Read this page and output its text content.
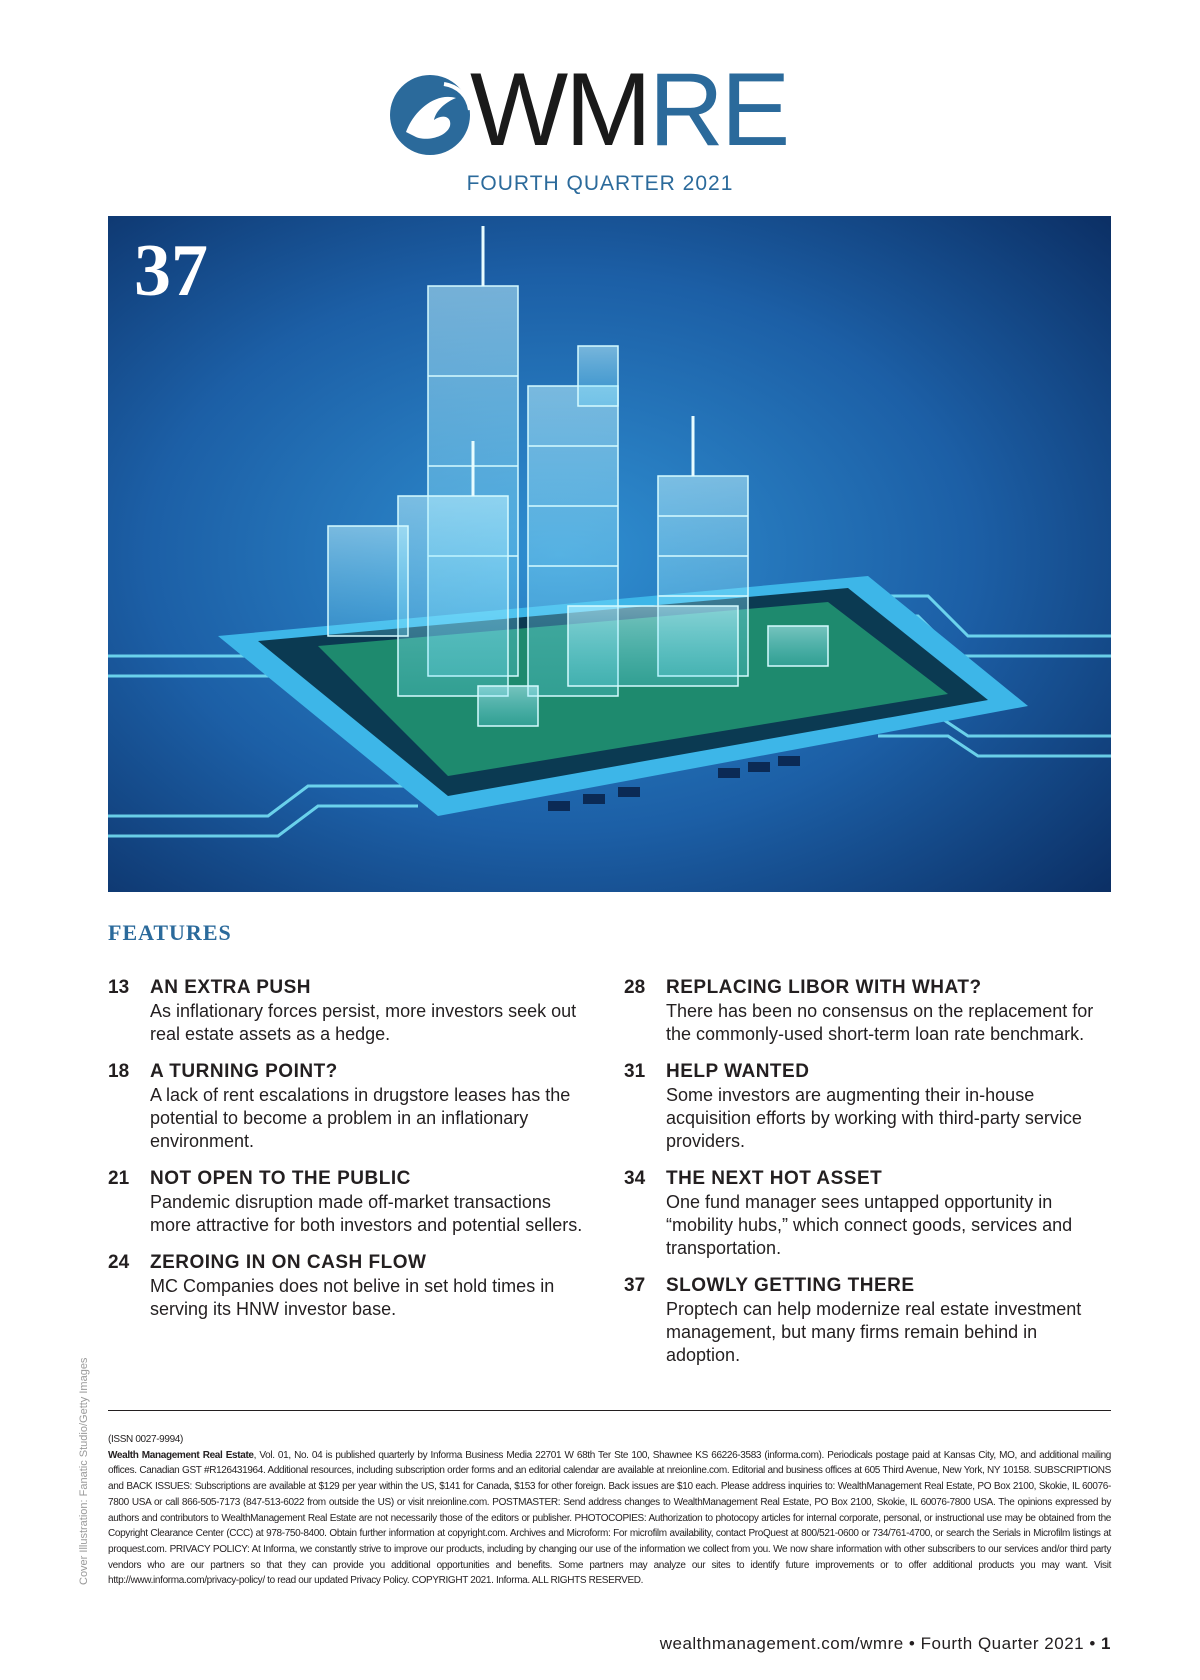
WMRE
FOURTH QUARTER 2021
37
FEATURES
13 AN EXTRA PUSH
As inflationary forces persist, more investors seek out real estate assets as a hedge.
18 A TURNING POINT?
A lack of rent escalations in drugstore leases has the potential to become a problem in an inflationary environment.
21 NOT OPEN TO THE PUBLIC
Pandemic disruption made off-market transactions more attractive for both investors and potential sellers.
24 ZEROING IN ON CASH FLOW
MC Companies does not belive in set hold times in serving its HNW investor base.
28 REPLACING LIBOR WITH WHAT?
There has been no consensus on the replacement for the commonly-used short-term loan rate benchmark.
31 HELP WANTED
Some investors are augmenting their in-house acquisition efforts by working with third-party service providers.
34 THE NEXT HOT ASSET
One fund manager sees untapped opportunity in “mobility hubs,” which connect goods, services and transportation.
37 SLOWLY GETTING THERE
Proptech can help modernize real estate investment management, but many firms remain behind in adoption.
Cover Illustration: Fanatic Studio/Getty Images (ISSN 0027-9994)
Wealth Management Real Estate, Vol. 01, No. 04 is published quarterly by Informa Business Media 22701 W 68th Ter Ste 100, Shawnee KS 66226-3583 (informa.com). Periodicals postage paid at Kansas City, MO, and additional mailing offices. Canadian GST #R126431964. Additional resources, including subscription order forms and an editorial calendar are available at nreionline.com. Editorial and business offices at 605 Third Avenue, New York, NY 10158. SUBSCRIPTIONS and BACK ISSUES: Subscriptions are available at $129 per year within the US, $141 for Canada, $153 for other foreign. Back issues are $10 each. Please address inquiries to: WealthManagement Real Estate, PO Box 2100, Skokie, IL 60076-7800 USA or call 866-505-7173 (847-513-6022 from outside the US) or visit nreionline.com. POSTMASTER: Send address changes to WealthManagement Real Estate, PO Box 2100, Skokie, IL 60076-7800 USA. The opinions expressed by authors and contributors to WealthManagement Real Estate are not necessarily those of the editors or publisher. PHOTOCOPIES: Authorization to photocopy articles for internal corporate, personal, or instructional use may be obtained from the Copyright Clearance Center (CCC) at 978-750-8400. Obtain further information at copyright.com. Archives and Microform: For microfilm availability, contact ProQuest at 800/521-0600 or 734/761-4700, or search the Serials in Microfilm listings at proquest.com. PRIVACY POLICY: At Informa, we constantly strive to improve our products, including by changing our use of the information we collect from you. We now share information with other subscribers to our services and/or third party vendors who are our partners so that they can provide you additional opportunities and benefits. Some partners may analyze our sites to identify future improvements or to offer additional products you may want. Visit http://www.informa.com/privacy-policy/ to read our updated Privacy Policy. COPYRIGHT 2021. Informa. ALL RIGHTS RESERVED.
wealthmanagement.com/wmre • Fourth Quarter 2021 • 1
